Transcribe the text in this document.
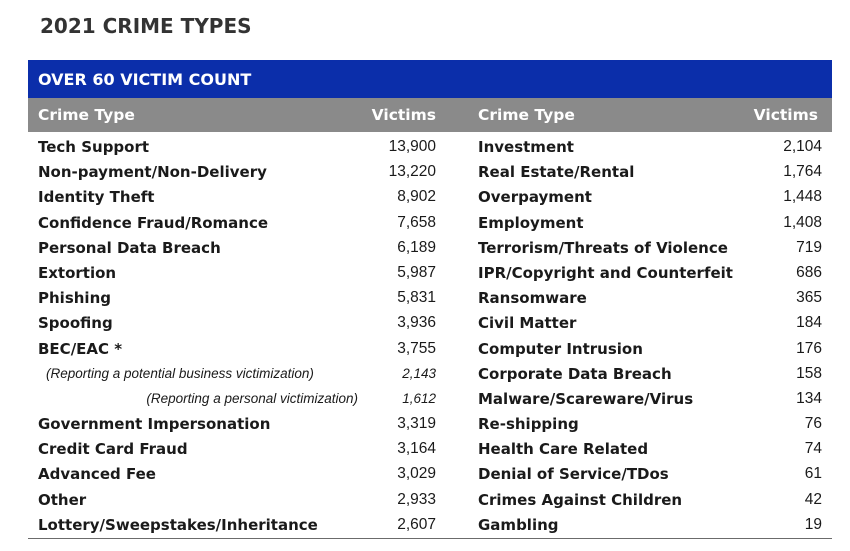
2021 CRIME TYPES
OVER 60 VICTIM COUNT
Crime Type	Victims	Crime Type	Victims
Tech Support	13,900	Investment	2,104
Non-payment/Non-Delivery	13,220	Real Estate/Rental	1,764
Identity Theft	8,902	Overpayment	1,448
Confidence Fraud/Romance	7,658	Employment	1,408
Personal Data Breach	6,189	Terrorism/Threats of Violence	719
Extortion	5,987	IPR/Copyright and Counterfeit	686
Phishing	5,831	Ransomware	365
Spoofing	3,936	Civil Matter	184
BEC/EAC *	3,755	Computer Intrusion	176
(Reporting a potential business victimization)	2,143	Corporate Data Breach	158
(Reporting a personal victimization)	1,612	Malware/Scareware/Virus	134
Government Impersonation	3,319	Re-shipping	76
Credit Card Fraud	3,164	Health Care Related	74
Advanced Fee	3,029	Denial of Service/TDos	61
Other	2,933	Crimes Against Children	42
Lottery/Sweepstakes/Inheritance	2,607	Gambling	19
